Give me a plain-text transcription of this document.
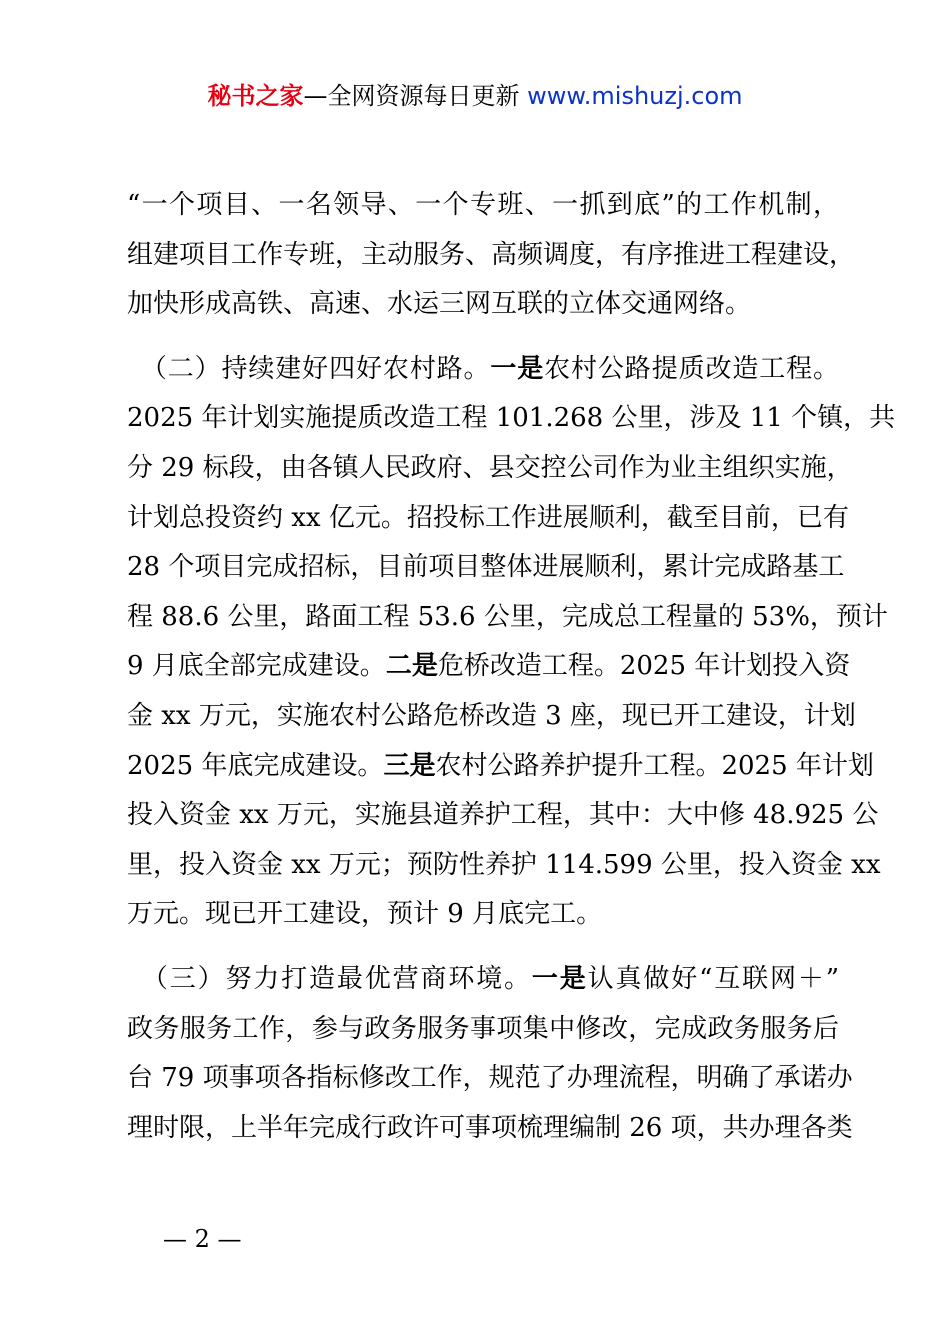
秘书之家—全网资源每日更新 www.mishuzj.com
“一个项目、一名领导、一个专班、一抓到底”的工作机制，
组建项目工作专班，主动服务、高频调度，有序推进工程建设，
加快形成高铁、高速、水运三网互联的立体交通网络。
　（二）持续建好四好农村路。一是农村公路提质改造工程。
2025 年计划实施提质改造工程 101.268 公里，涉及 11 个镇，共
分 29 标段，由各镇人民政府、县交控公司作为业主组织实施，
计划总投资约 xx 亿元。招投标工作进展顺利，截至目前，已有
28 个项目完成招标，目前项目整体进展顺利，累计完成路基工
程 88.6 公里，路面工程 53.6 公里，完成总工程量的 53%，预计
9 月底全部完成建设。二是危桥改造工程。2025 年计划投入资
金 xx 万元，实施农村公路危桥改造 3 座，现已开工建设，计划
2025 年底完成建设。三是农村公路养护提升工程。2025 年计划
投入资金 xx 万元，实施县道养护工程，其中：大中修 48.925 公
里，投入资金 xx 万元；预防性养护 114.599 公里，投入资金 xx
万元。现已开工建设，预计 9 月底完工。
　（三）努力打造最优营商环境。一是认真做好“互联网＋”
政务服务工作，参与政务服务事项集中修改，完成政务服务后
台 79 项事项各指标修改工作，规范了办理流程，明确了承诺办
理时限，上半年完成行政许可事项梳理编制 26 项，共办理各类
— 2 —
